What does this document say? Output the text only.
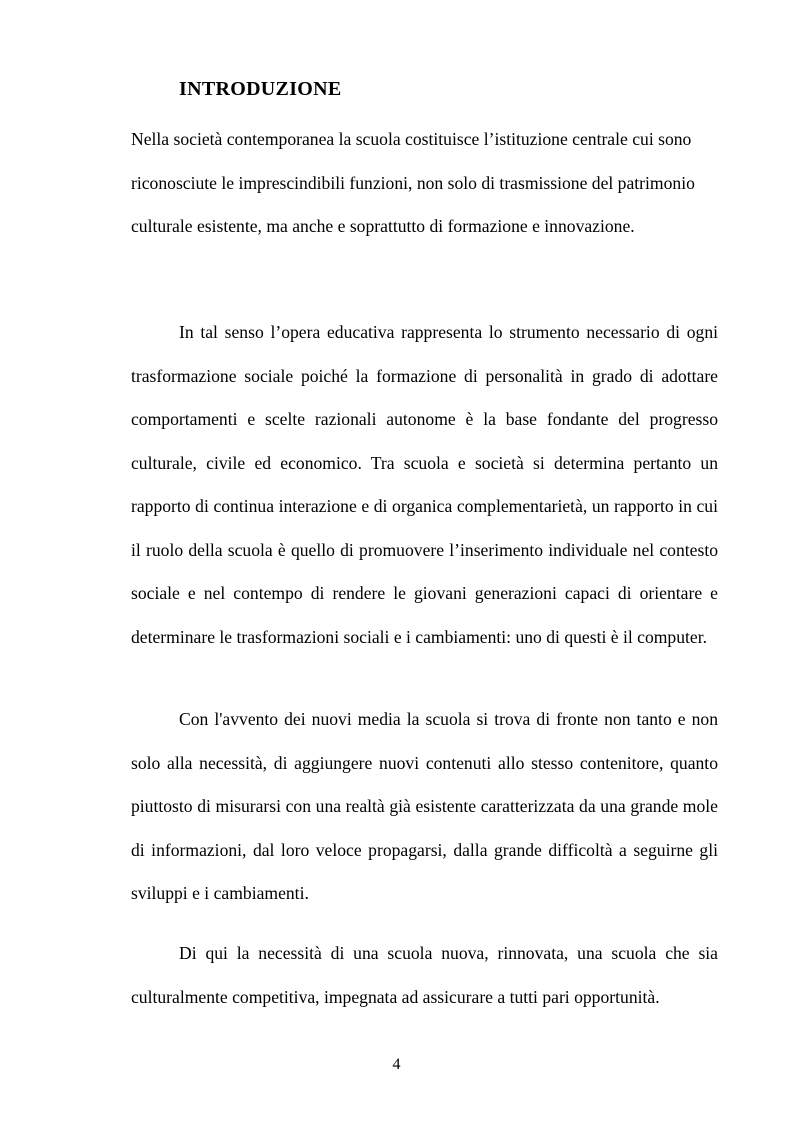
INTRODUZIONE

Nella società contemporanea la scuola costituisce l’istituzione centrale cui sono riconosciute le imprescindibili funzioni, non solo di trasmissione del patrimonio culturale esistente, ma anche e soprattutto di formazione e innovazione.

In tal senso l’opera educativa rappresenta lo strumento necessario di ogni trasformazione sociale poiché la formazione di personalità in grado di adottare comportamenti e scelte razionali autonome è la base fondante del progresso culturale, civile ed economico. Tra scuola e società si determina pertanto un rapporto di continua interazione e di organica complementarietà, un rapporto in cui il ruolo della scuola è quello di promuovere l’inserimento individuale nel contesto sociale e nel contempo di rendere le giovani generazioni capaci di orientare e determinare le trasformazioni sociali e i cambiamenti: uno di questi è il computer.

Con l'avvento dei nuovi media la scuola si trova di fronte non tanto e non solo alla necessità, di aggiungere nuovi contenuti allo stesso contenitore, quanto piuttosto di misurarsi con una realtà già esistente caratterizzata da una grande mole di informazioni, dal loro veloce propagarsi, dalla grande difficoltà a seguirne gli sviluppi e i cambiamenti.

Di qui la necessità di una scuola nuova, rinnovata, una scuola che sia culturalmente competitiva, impegnata ad assicurare a tutti pari opportunità.

4
